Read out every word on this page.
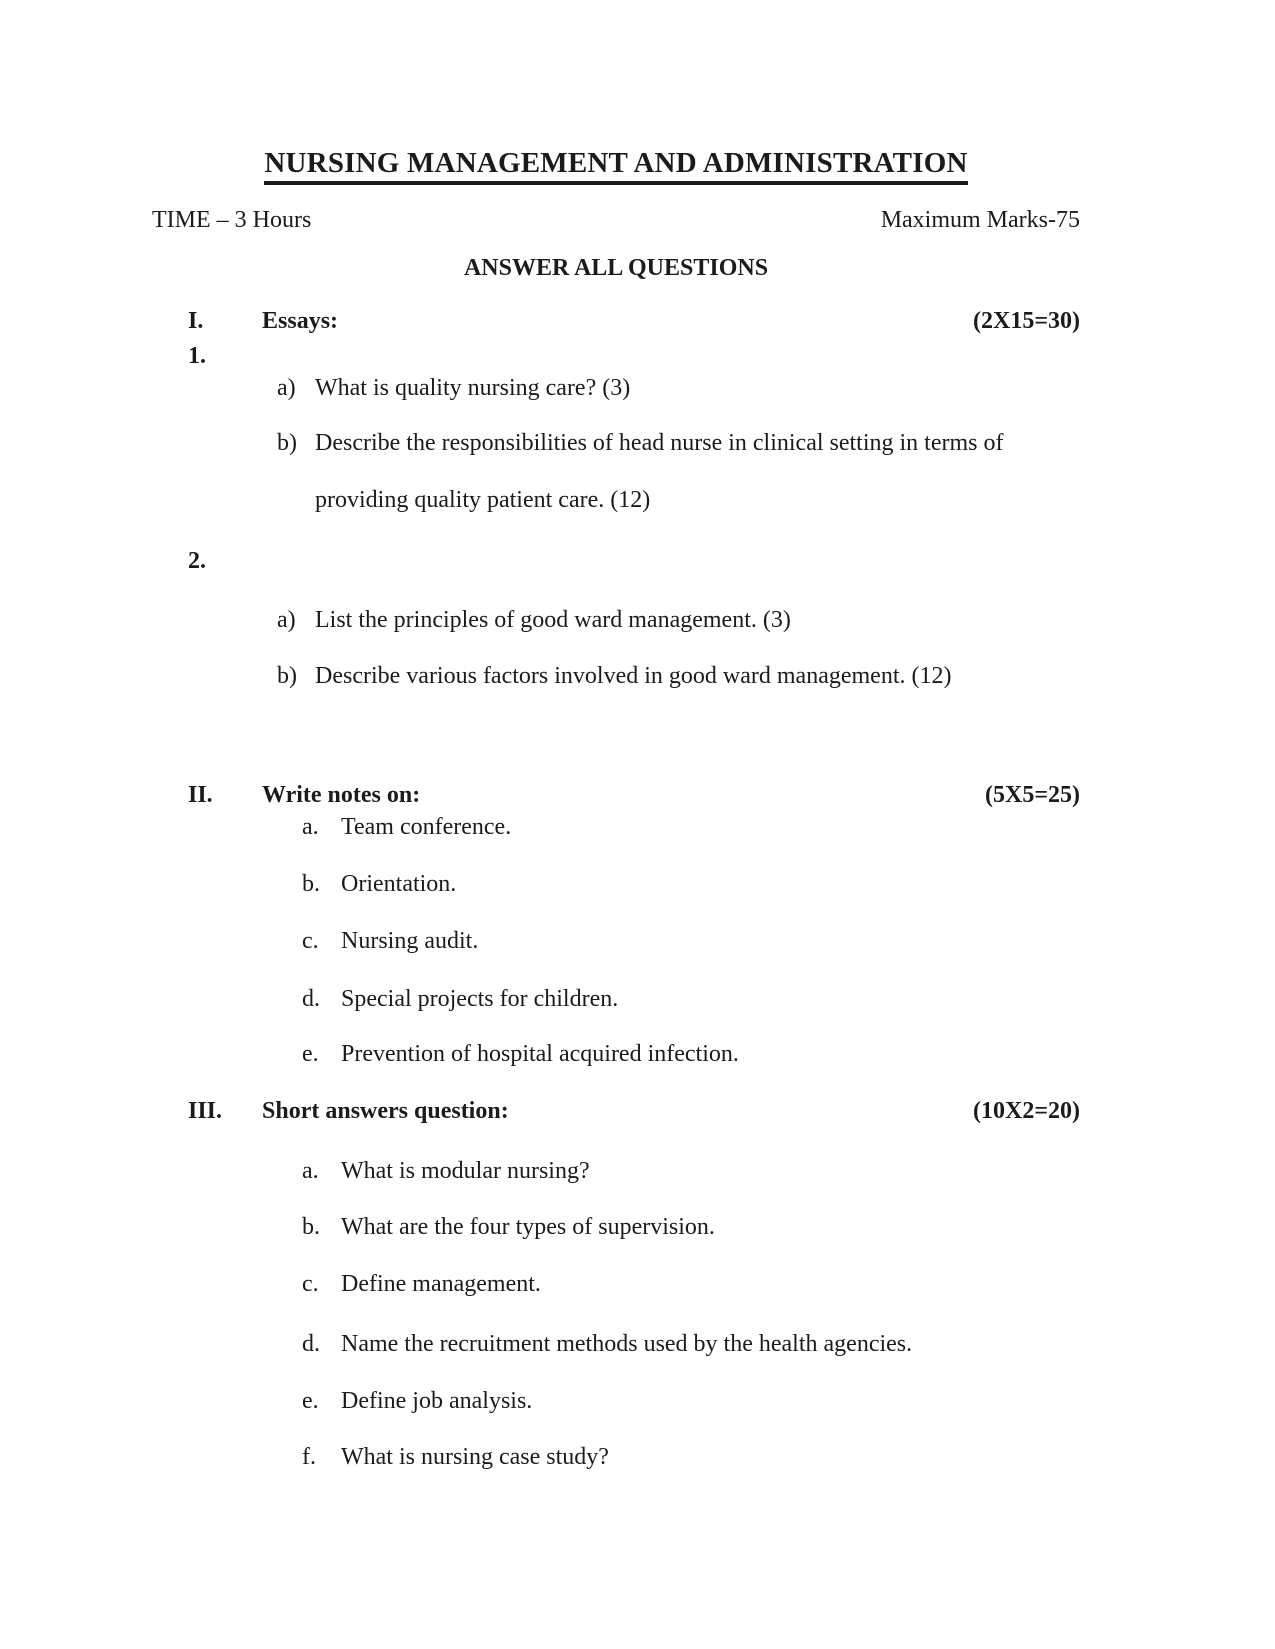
NURSING MANAGEMENT AND ADMINISTRATION
TIME – 3 Hours	Maximum Marks-75
ANSWER ALL QUESTIONS
I.	Essays:	(2X15=30)
1.
a) What is quality nursing care? (3)
b) Describe the responsibilities of head nurse in clinical setting in terms of
providing quality patient care. (12)
2.
a) List the principles of good ward management. (3)
b) Describe various factors involved in good ward management. (12)
II.	Write notes on:	(5X5=25)
a. Team conference.
b. Orientation.
c. Nursing audit.
d. Special projects for children.
e. Prevention of hospital acquired infection.
III.	Short answers question:	(10X2=20)
a. What is modular nursing?
b. What are the four types of supervision.
c. Define management.
d. Name the recruitment methods used by the health agencies.
e. Define job analysis.
f.	What is nursing case study?
